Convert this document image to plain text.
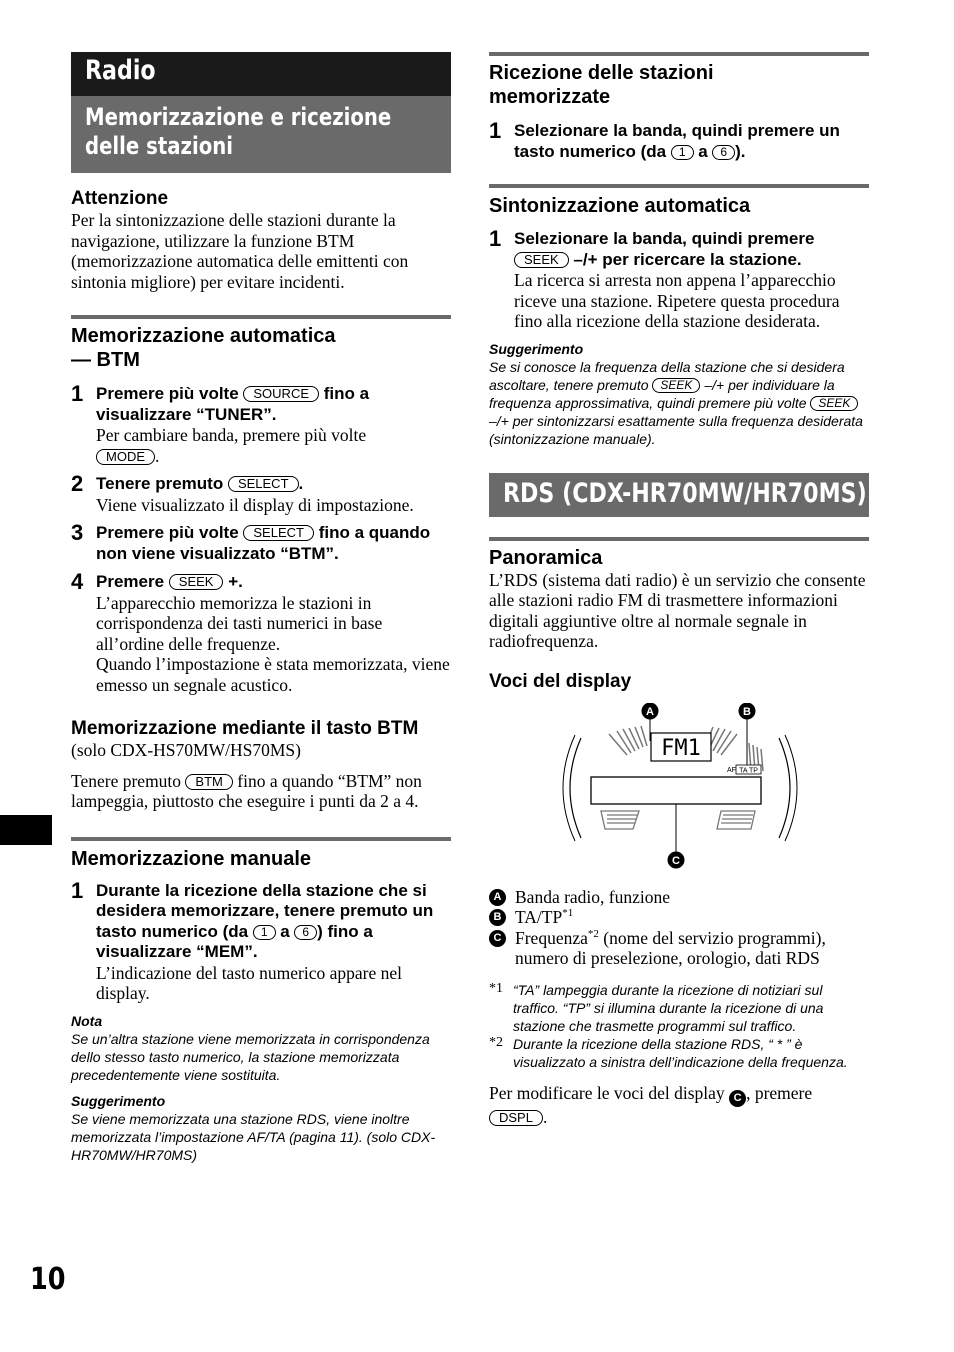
Radio
Memorizzazione e ricezione delle stazioni
Attenzione

Per la sintonizzazione delle stazioni durante la navigazione, utilizzare la funzione BTM (memorizzazione automatica delle emittenti con sintonia migliore) per evitare incidenti.

Memorizzazione automatica
— BTM
1 Premere più volte SOURCE fino a visualizzare “TUNER”.
Per cambiare banda, premere più volte
MODE .
2 Tenere premuto SELECT .
Viene visualizzato il display di impostazione.
3 Premere più volte SELECT fino a quando non viene visualizzato “BTM”.
4 Premere SEEK +.
L’apparecchio memorizza le stazioni in corrispondenza dei tasti numerici in base all’ordine delle frequenze.
Quando l’impostazione è stata memorizzata, viene emesso un segnale acustico.
Memorizzazione mediante il tasto BTM

(solo CDX-HS70MW/HS70MS)

Tenere premuto BTM fino a quando “BTM” non lampeggia, piuttosto che eseguire i punti da 2 a 4.

Memorizzazione manuale
1 Durante la ricezione della stazione che si desidera memorizzare, tenere premuto un tasto numerico (da 1 a 6 ) fino a visualizzare “MEM”.
L’indicazione del tasto numerico appare nel display.
Nota
Se un’altra stazione viene memorizzata in corrispondenza dello stesso tasto numerico, la stazione memorizzata precedentemente viene sostituita.
Suggerimento
Se viene memorizzata una stazione RDS, viene inoltre memorizzata l’impostazione AF/TA (pagina 11). (solo CDX-HR70MW/HR70MS)
Ricezione delle stazioni
memorizzate
1 Selezionare la banda, quindi premere un tasto numerico (da 1 a 6 ).
Sintonizzazione automatica
1 Selezionare la banda, quindi premere SEEK –/+ per ricercare la stazione.
La ricerca si arresta non appena l’apparecchio riceve una stazione. Ripetere questa procedura fino alla ricezione della stazione desiderata.
Suggerimento
Se si conosce la frequenza della stazione che si desidera ascoltare, tenere premuto SEEK –/+ per individuare la frequenza approssimativa, quindi premere più volte SEEK –/+ per sintonizzarsi esattamente sulla frequenza desiderata (sintonizzazione manuale).
RDS (CDX-HR70MW/HR70MS)
Panoramica

L’RDS (sistema dati radio) è un servizio che consente alle stazioni radio FM di trasmettere informazioni digitali aggiuntive oltre al normale segnale in radiofrequenza.

Voci del display
FM1
AF TA TP
A	B
C
A Banda radio, funzione
B TA/TP$^{*1}$
C Frequenza$^{*2}$ (nome del servizio programmi), numero di preselezione, orologio, dati RDS
*1 “TA” lampeggia durante la ricezione di notiziari sul traffico. “TP” si illumina durante la ricezione di una stazione che trasmette programmi sul traffico.
*2 Durante la ricezione della stazione RDS, “ * ” è visualizzato a sinistra dell’indicazione della frequenza.

Per modificare le voci del display C , premere
DSPL .

10
